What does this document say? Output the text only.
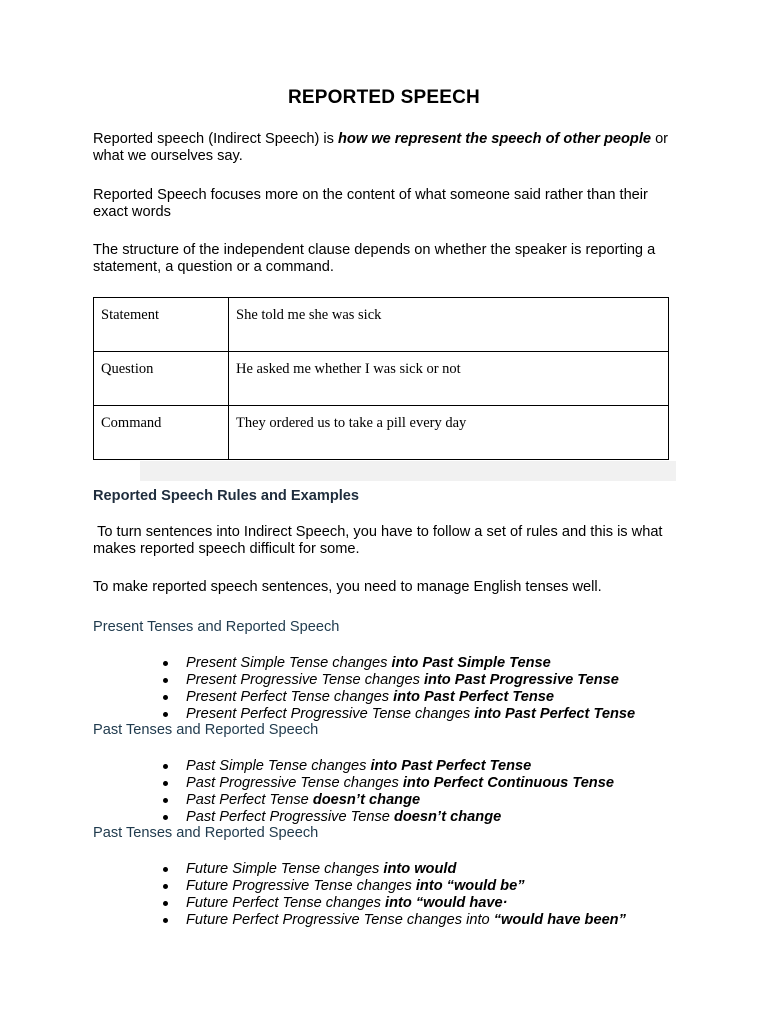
REPORTED SPEECH
Reported speech (Indirect Speech) is how we represent the speech of other people or what we ourselves say.
Reported Speech focuses more on the content of what someone said rather than their exact words
The structure of the independent clause depends on whether the speaker is reporting a statement, a question or a command.
Statement	She told me she was sick
Question	He asked me whether I was sick or not
Command	They ordered us to take a pill every day
Reported Speech Rules and Examples
To turn sentences into Indirect Speech, you have to follow a set of rules and this is what makes reported speech difficult for some.
To make reported speech sentences, you need to manage English tenses well.
Present Tenses and Reported Speech
Present Simple Tense changes into Past Simple Tense
Present Progressive Tense changes into Past Progressive Tense
Present Perfect Tense changes into Past Perfect Tense
Present Perfect Progressive Tense changes into Past Perfect Tense
Past Tenses and Reported Speech
Past Simple Tense changes into Past Perfect Tense
Past Progressive Tense changes into Perfect Continuous Tense
Past Perfect Tense doesn’t change
Past Perfect Progressive Tense doesn’t change
Past Tenses and Reported Speech
Future Simple Tense changes into would
Future Progressive Tense changes into “would be”
Future Perfect Tense changes into “would have·
Future Perfect Progressive Tense changes into “would have been”
